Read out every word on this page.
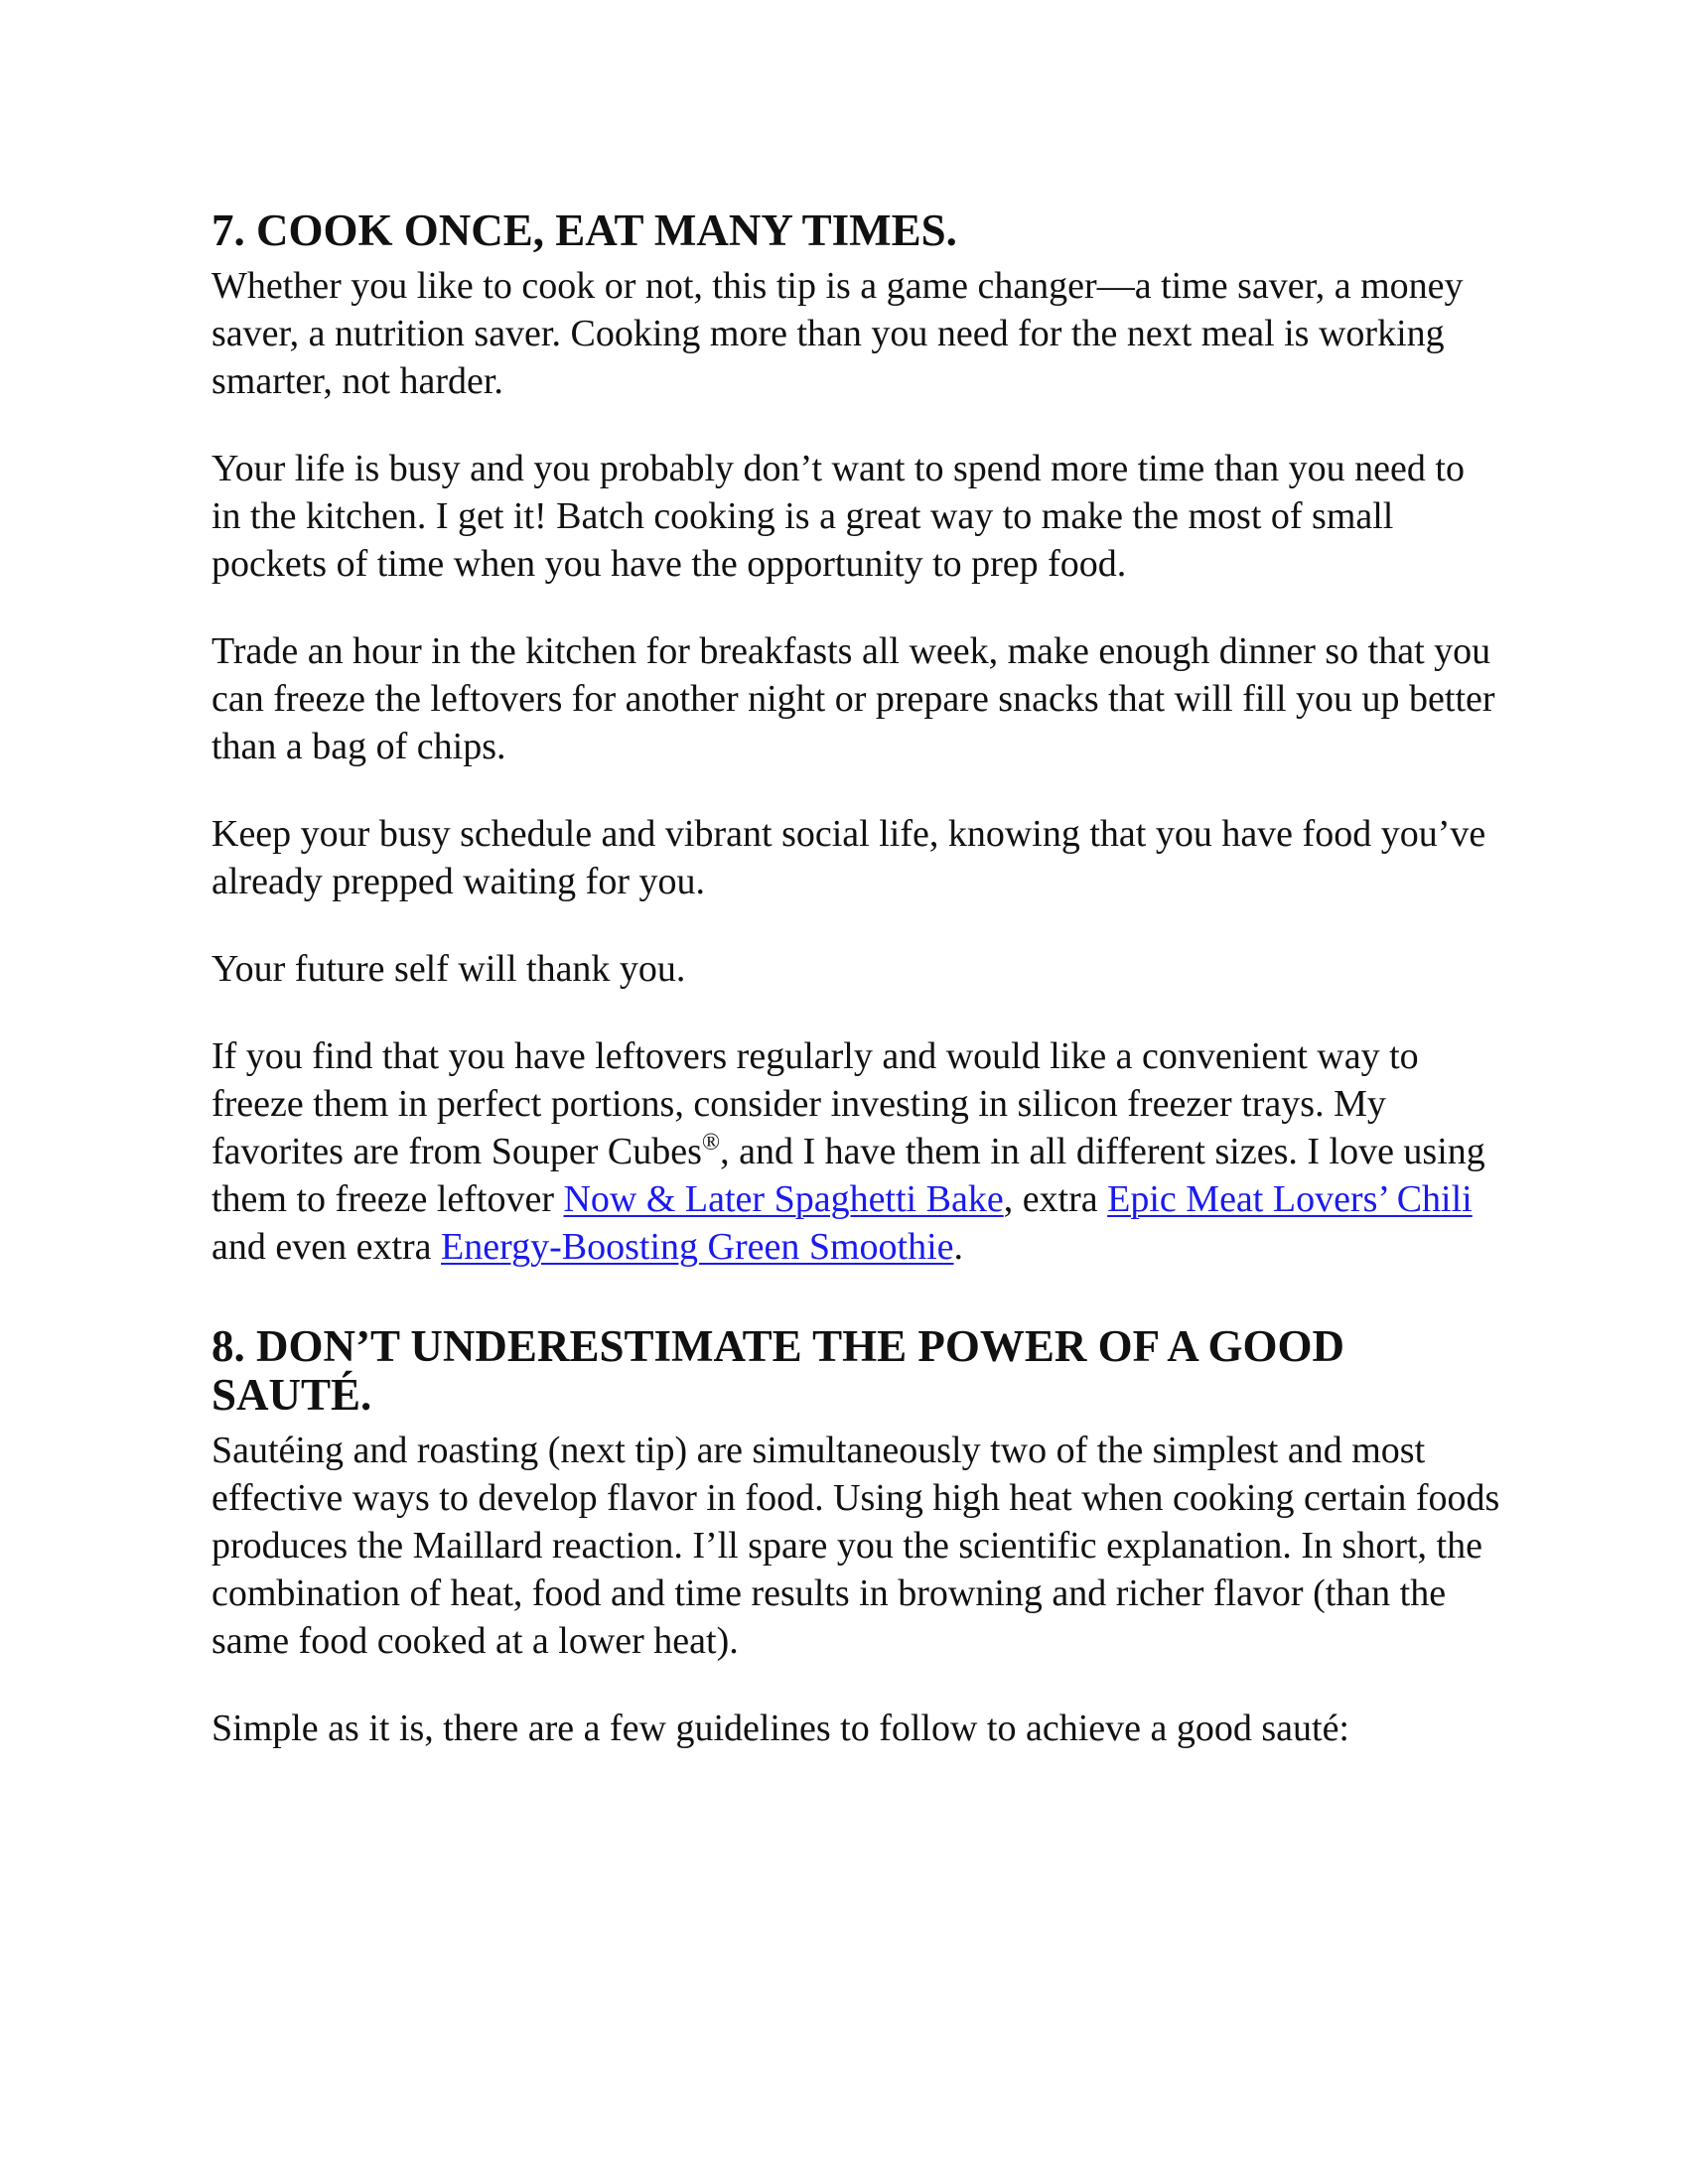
7. COOK ONCE, EAT MANY TIMES.

Whether you like to cook or not, this tip is a game changer—a time saver, a money saver, a nutrition saver. Cooking more than you need for the next meal is working smarter, not harder.

Your life is busy and you probably don’t want to spend more time than you need to in the kitchen. I get it! Batch cooking is a great way to make the most of small pockets of time when you have the opportunity to prep food.

Trade an hour in the kitchen for breakfasts all week, make enough dinner so that you can freeze the leftovers for another night or prepare snacks that will fill you up better than a bag of chips.

Keep your busy schedule and vibrant social life, knowing that you have food you’ve already prepped waiting for you.

Your future self will thank you.

If you find that you have leftovers regularly and would like a convenient way to freeze them in perfect portions, consider investing in silicon freezer trays. My favorites are from Souper Cubes®, and I have them in all different sizes. I love using them to freeze leftover Now & Later Spaghetti Bake, extra Epic Meat Lovers’ Chili and even extra Energy-Boosting Green Smoothie.

8. DON’T UNDERESTIMATE THE POWER OF A GOOD SAUTÉ.

Sautéing and roasting (next tip) are simultaneously two of the simplest and most effective ways to develop flavor in food. Using high heat when cooking certain foods produces the Maillard reaction. I’ll spare you the scientific explanation. In short, the combination of heat, food and time results in browning and richer flavor (than the same food cooked at a lower heat).

Simple as it is, there are a few guidelines to follow to achieve a good sauté:
